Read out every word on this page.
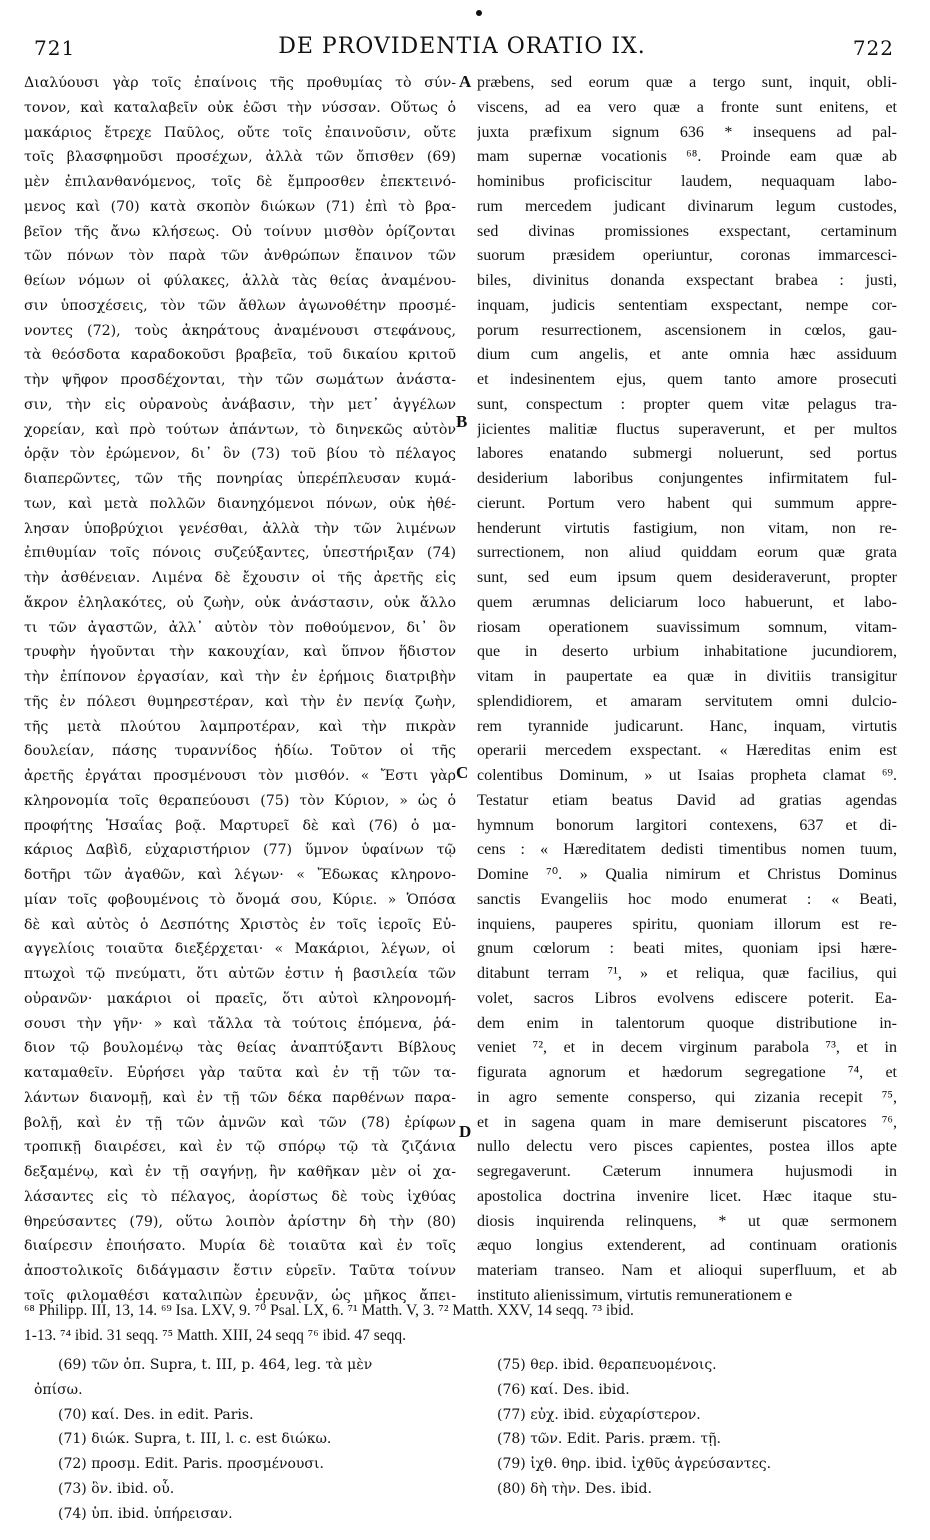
721	DE PROVIDENTIA ORATIO IX.	722
Διαλύουσι γὰρ τοῖς ἐπαίνοις τῆς προθυμίας τὸ σύν-
τονον, καὶ καταλαβεῖν οὐκ ἐῶσι τὴν νύσσαν. Οὕτως ὁ
μακάριος ἔτρεχε Παῦλος, οὔτε τοῖς ἐπαινοῦσιν, οὔτε
τοῖς βλασφημοῦσι προσέχων, ἀλλὰ τῶν ὄπισθεν (69)
μὲν ἐπιλανθανόμενος, τοῖς δὲ ἔμπροσθεν ἐπεκτεινό-
μενος καὶ (70) κατὰ σκοπὸν διώκων (71) ἐπὶ τὸ βρα-
βεῖον τῆς ἄνω κλήσεως. Οὐ τοίνυν μισθὸν ὁρίζονται
τῶν πόνων τὸν παρὰ τῶν ἀνθρώπων ἔπαινον τῶν
θείων νόμων οἱ φύλακες, ἀλλὰ τὰς θείας ἀναμένου-
σιν ὑποσχέσεις, τὸν τῶν ἄθλων ἀγωνοθέτην προσμέ-
νοντες (72), τοὺς ἀκηράτους ἀναμένουσι στεφάνους,
τὰ θεόσδοτα καραδοκοῦσι βραβεῖα, τοῦ δικαίου κριτοῦ
τὴν ψῆφον προσδέχονται, τὴν τῶν σωμάτων ἀνάστα-
σιν, τὴν εἰς οὐρανοὺς ἀνάβασιν, τὴν μετ᾽ ἀγγέλων
χορείαν, καὶ πρὸ τούτων ἁπάντων, τὸ διηνεκῶς αὐτὸν
ὁρᾷν τὸν ἐρώμενον, δι᾽ ὃν (73) τοῦ βίου τὸ πέλαγος
διαπερῶντες, τῶν τῆς πονηρίας ὑπερέπλευσαν κυμά-
των, καὶ μετὰ πολλῶν διανηχόμενοι πόνων, οὐκ ἠθέ-
λησαν ὑποβρύχιοι γενέσθαι, ἀλλὰ τὴν τῶν λιμένων
ἐπιθυμίαν τοῖς πόνοις συζεύξαντες, ὑπεστήριξαν (74)
τὴν ἀσθένειαν. Λιμένα δὲ ἔχουσιν οἱ τῆς ἀρετῆς εἰς
ἄκρον ἐληλακότες, οὐ ζωὴν, οὐκ ἀνάστασιν, οὐκ ἄλλο
τι τῶν ἀγαστῶν, ἀλλ᾽ αὐτὸν τὸν ποθούμενον, δι᾽ ὃν
τρυφὴν ἡγοῦνται τὴν κακουχίαν, καὶ ὕπνον ἥδιστον
τὴν ἐπίπονον ἐργασίαν, καὶ τὴν ἐν ἐρήμοις διατριβὴν
τῆς ἐν πόλεσι θυμηρεστέραν, καὶ τὴν ἐν πενίᾳ ζωὴν,
τῆς μετὰ πλούτου λαμπροτέραν, καὶ τὴν πικρὰν
δουλείαν, πάσης τυραννίδος ἡδίω. Τοῦτον οἱ τῆς
ἀρετῆς ἐργάται προσμένουσι τὸν μισθόν. « Ἔστι γὰρ
κληρονομία τοῖς θεραπεύουσι (75) τὸν Κύριον, » ὡς ὁ
προφήτης Ἡσαΐας βοᾷ. Μαρτυρεῖ δὲ καὶ (76) ὁ μα-
κάριος Δαβὶδ, εὐχαριστήριον (77) ὕμνον ὑφαίνων τῷ
δοτῆρι τῶν ἀγαθῶν, καὶ λέγων· « Ἔδωκας κληρονο-
μίαν τοῖς φοβουμένοις τὸ ὄνομά σου, Κύριε. » Ὁπόσα
δὲ καὶ αὐτὸς ὁ Δεσπότης Χριστὸς ἐν τοῖς ἱεροῖς Εὐ-
αγγελίοις τοιαῦτα διεξέρχεται· « Μακάριοι, λέγων, οἱ
πτωχοὶ τῷ πνεύματι, ὅτι αὐτῶν ἐστιν ἡ βασιλεία τῶν
οὐρανῶν· μακάριοι οἱ πραεῖς, ὅτι αὐτοὶ κληρονομή-
σουσι τὴν γῆν· » καὶ τἄλλα τὰ τούτοις ἑπόμενα, ῥά-
διον τῷ βουλομένῳ τὰς θείας ἀναπτύξαντι Βίβλους
καταμαθεῖν. Εὑρήσει γὰρ ταῦτα καὶ ἐν τῇ τῶν τα-
λάντων διανομῇ, καὶ ἐν τῇ τῶν δέκα παρθένων παρα-
βολῇ, καὶ ἐν τῇ τῶν ἀμνῶν καὶ τῶν (78) ἐρίφων
τροπικῇ διαιρέσει, καὶ ἐν τῷ σπόρῳ τῷ τὰ ζιζάνια
δεξαμένῳ, καὶ ἐν τῇ σαγήνῃ, ἣν καθῆκαν μὲν οἱ χα-
λάσαντες εἰς τὸ πέλαγος, ἀορίστως δὲ τοὺς ἰχθύας
θηρεύσαντες (79), οὕτω λοιπὸν ἀρίστην δὴ τὴν (80)
διαίρεσιν ἐποιήσατο. Μυρία δὲ τοιαῦτα καὶ ἐν τοῖς
ἀποστολικοῖς διδάγμασιν ἔστιν εὑρεῖν. Ταῦτα τοίνυν
τοῖς φιλομαθέσι καταλιπὼν ἐρευνᾷν, ὡς μῆκος ἄπει-
præbens, sed eorum quæ a tergo sunt, inquit, obli-
viscens, ad ea vero quæ a fronte sunt enitens, et
juxta præfixum signum 636 * insequens ad pal-
mam supernæ vocationis ⁶⁸. Proinde eam quæ ab
hominibus proficiscitur laudem, nequaquam labo-
rum mercedem judicant divinarum legum custodes,
sed divinas promissiones exspectant, certaminum
suorum præsidem operiuntur, coronas immarcesci-
biles, divinitus donanda exspectant brabea : justi,
inquam, judicis sententiam exspectant, nempe cor-
porum resurrectionem, ascensionem in cœlos, gau-
dium cum angelis, et ante omnia hæc assiduum
et indesinentem ejus, quem tanto amore prosecuti
sunt, conspectum : propter quem vitæ pelagus tra-
jicientes malitiæ fluctus superaverunt, et per multos
labores enatando submergi noluerunt, sed portus
desiderium laboribus conjungentes infirmitatem ful-
cierunt. Portum vero habent qui summum appre-
henderunt virtutis fastigium, non vitam, non re-
surrectionem, non aliud quiddam eorum quæ grata
sunt, sed eum ipsum quem desideraverunt, propter
quem ærumnas deliciarum loco habuerunt, et labo-
riosam operationem suavissimum somnum, vitam-
que in deserto urbium inhabitatione jucundiorem,
vitam in paupertate ea quæ in divitiis transigitur
splendidiorem, et amaram servitutem omni dulcio-
rem tyrannide judicarunt. Hanc, inquam, virtutis
operarii mercedem exspectant. « Hæreditas enim est
colentibus Dominum, » ut Isaias propheta clamat ⁶⁹.
Testatur etiam beatus David ad gratias agendas
hymnum bonorum largitori contexens, 637 et di-
cens : « Hæreditatem dedisti timentibus nomen tuum,
Domine ⁷⁰. » Qualia nimirum et Christus Dominus
sanctis Evangeliis hoc modo enumerat : « Beati,
inquiens, pauperes spiritu, quoniam illorum est re-
gnum cœlorum : beati mites, quoniam ipsi hære-
ditabunt terram ⁷¹, » et reliqua, quæ facilius, qui
volet, sacros Libros evolvens ediscere poterit. Ea-
dem enim in talentorum quoque distributione in-
veniet ⁷², et in decem virginum parabola ⁷³, et in
figurata agnorum et hædorum segregatione ⁷⁴, et
in agro semente consperso, qui zizania recepit ⁷⁵,
et in sagena quam in mare demiserunt piscatores ⁷⁶,
nullo delectu vero pisces capientes, postea illos apte
segregaverunt. Cæterum innumera hujusmodi in
apostolica doctrina invenire licet. Hæc itaque stu-
diosis inquirenda relinquens, * ut quæ sermonem
æquo longius extenderent, ad continuam orationis
materiam transeo. Nam et alioqui superfluum, et ab
instituto alienissimum, virtutis remunerationem e
A
B
C
D
⁶⁸ Philipp. III, 13, 14. ⁶⁹ Isa. LXV, 9. ⁷⁰ Psal. LX, 6. ⁷¹ Matth. V, 3. ⁷² Matth. XXV, 14 seqq. ⁷³ ibid.
1-13. ⁷⁴ ibid. 31 seqq. ⁷⁵ Matth. XIII, 24 seqq ⁷⁶ ibid. 47 seqq.
(69) τῶν ὀπ. Supra, t. III, p. 464, leg. τὰ μὲν
ὀπίσω.
(70) καί. Des. in edit. Paris.
(71) διώκ. Supra, t. III, l. c. est διώκω.
(72) προσμ. Edit. Paris. προσμένουσι.
(73) ὃν. ibid. οὗ.
(74) ὑπ. ibid. ὑπήρεισαν.
(75) θερ. ibid. θεραπευομένοις.
(76) καί. Des. ibid.
(77) εὐχ. ibid. εὐχαρίστερον.
(78) τῶν. Edit. Paris. præm. τῇ.
(79) ἰχθ. θηρ. ibid. ἰχθῦς ἀγρεύσαντες.
(80) δὴ τὴν. Des. ibid.
